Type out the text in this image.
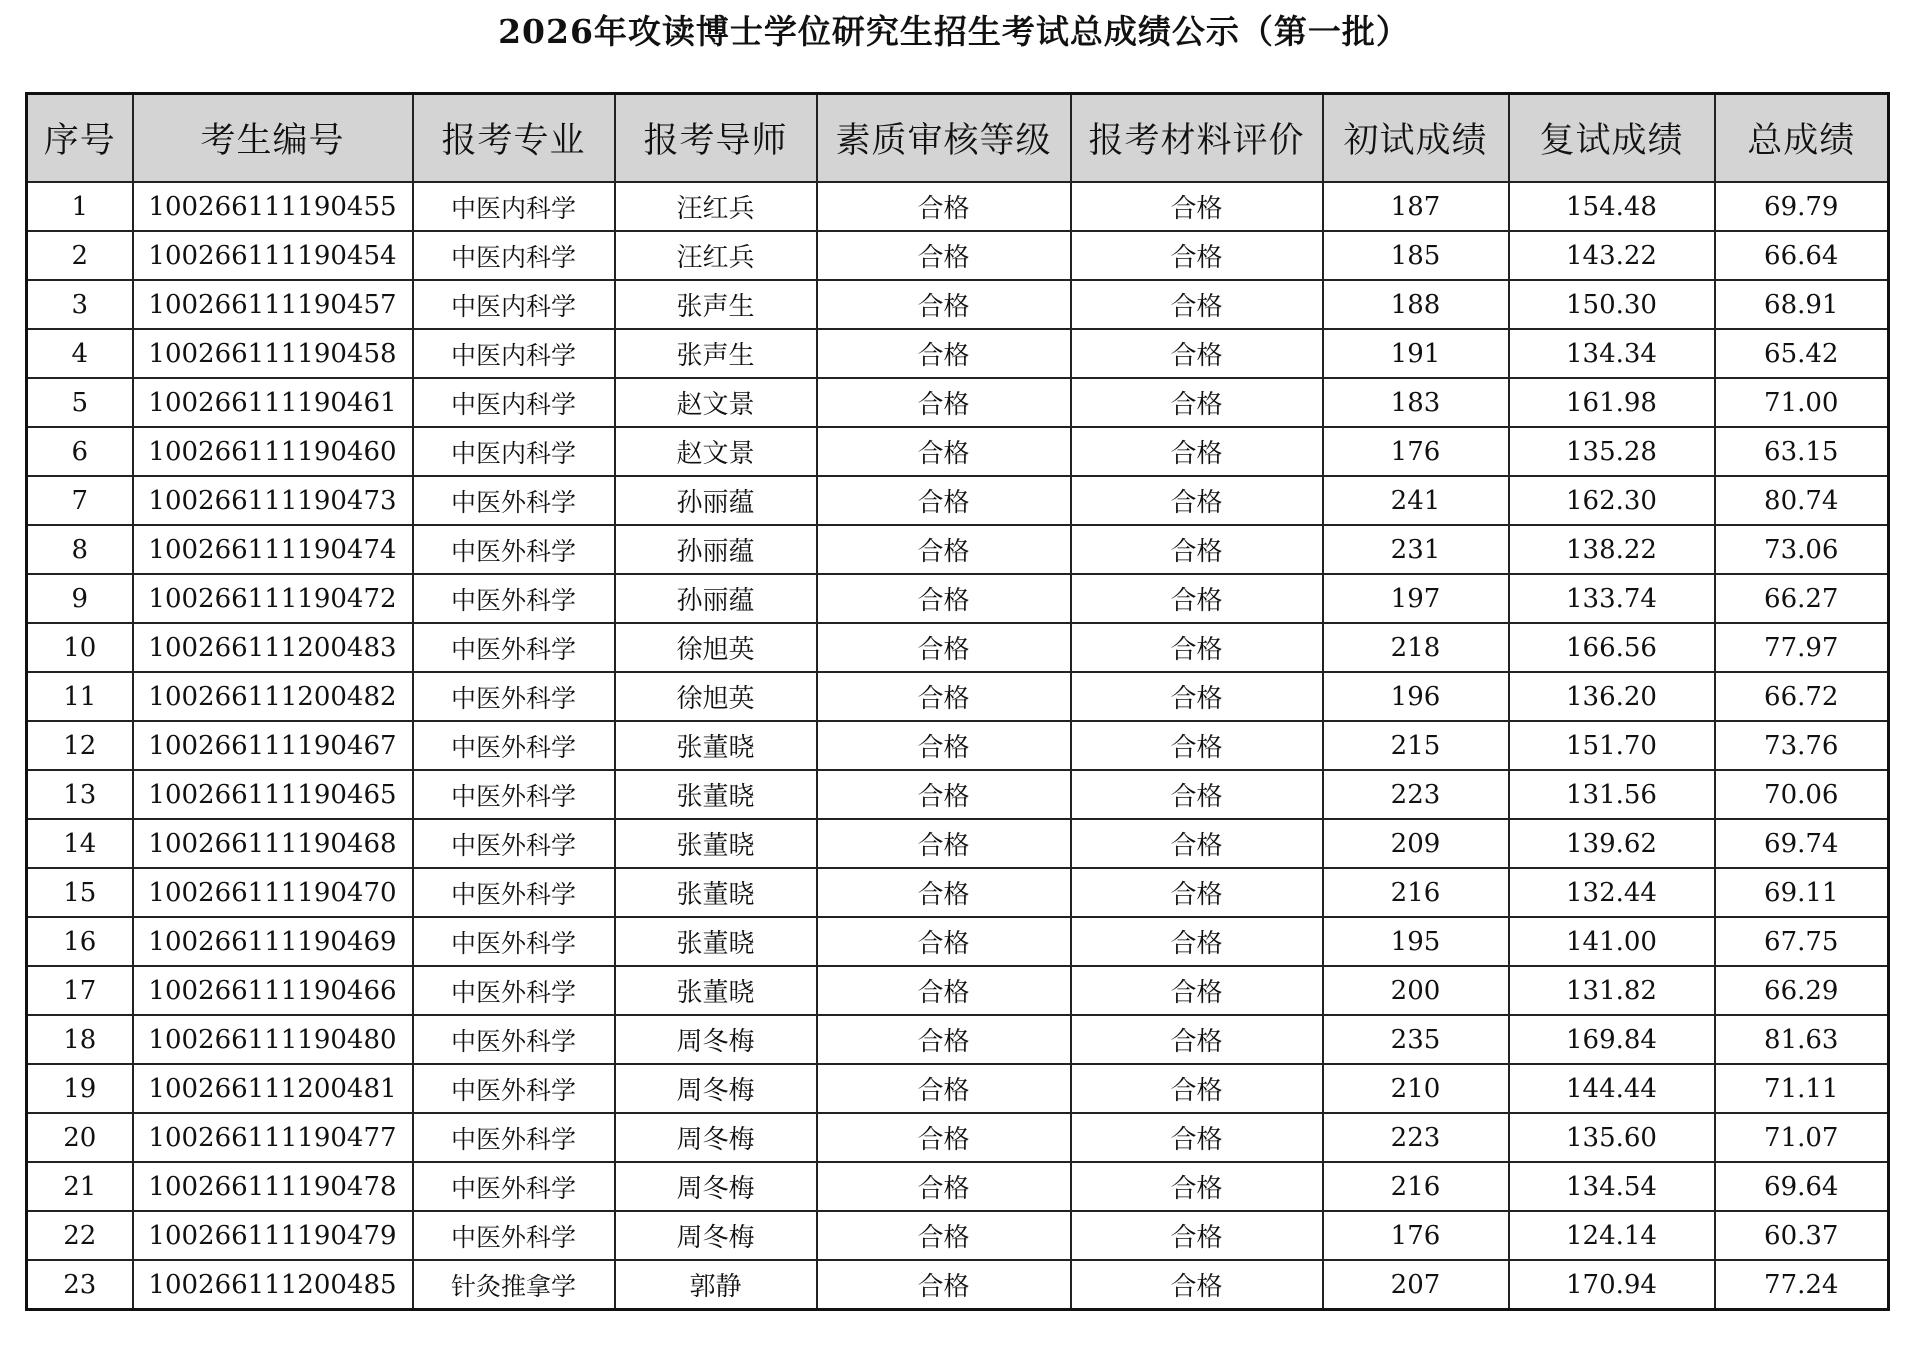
2026年攻读博士学位研究生招生考试总成绩公示（第一批）
序号	考生编号	报考专业	报考导师	素质审核等级	报考材料评价	初试成绩	复试成绩	总成绩
1	100266111190455	中医内科学	汪红兵	合格	合格	187	154.48	69.79
2	100266111190454	中医内科学	汪红兵	合格	合格	185	143.22	66.64
3	100266111190457	中医内科学	张声生	合格	合格	188	150.30	68.91
4	100266111190458	中医内科学	张声生	合格	合格	191	134.34	65.42
5	100266111190461	中医内科学	赵文景	合格	合格	183	161.98	71.00
6	100266111190460	中医内科学	赵文景	合格	合格	176	135.28	63.15
7	100266111190473	中医外科学	孙丽蕴	合格	合格	241	162.30	80.74
8	100266111190474	中医外科学	孙丽蕴	合格	合格	231	138.22	73.06
9	100266111190472	中医外科学	孙丽蕴	合格	合格	197	133.74	66.27
10	100266111200483	中医外科学	徐旭英	合格	合格	218	166.56	77.97
11	100266111200482	中医外科学	徐旭英	合格	合格	196	136.20	66.72
12	100266111190467	中医外科学	张董晓	合格	合格	215	151.70	73.76
13	100266111190465	中医外科学	张董晓	合格	合格	223	131.56	70.06
14	100266111190468	中医外科学	张董晓	合格	合格	209	139.62	69.74
15	100266111190470	中医外科学	张董晓	合格	合格	216	132.44	69.11
16	100266111190469	中医外科学	张董晓	合格	合格	195	141.00	67.75
17	100266111190466	中医外科学	张董晓	合格	合格	200	131.82	66.29
18	100266111190480	中医外科学	周冬梅	合格	合格	235	169.84	81.63
19	100266111200481	中医外科学	周冬梅	合格	合格	210	144.44	71.11
20	100266111190477	中医外科学	周冬梅	合格	合格	223	135.60	71.07
21	100266111190478	中医外科学	周冬梅	合格	合格	216	134.54	69.64
22	100266111190479	中医外科学	周冬梅	合格	合格	176	124.14	60.37
23	100266111200485	针灸推拿学	郭静	合格	合格	207	170.94	77.24
